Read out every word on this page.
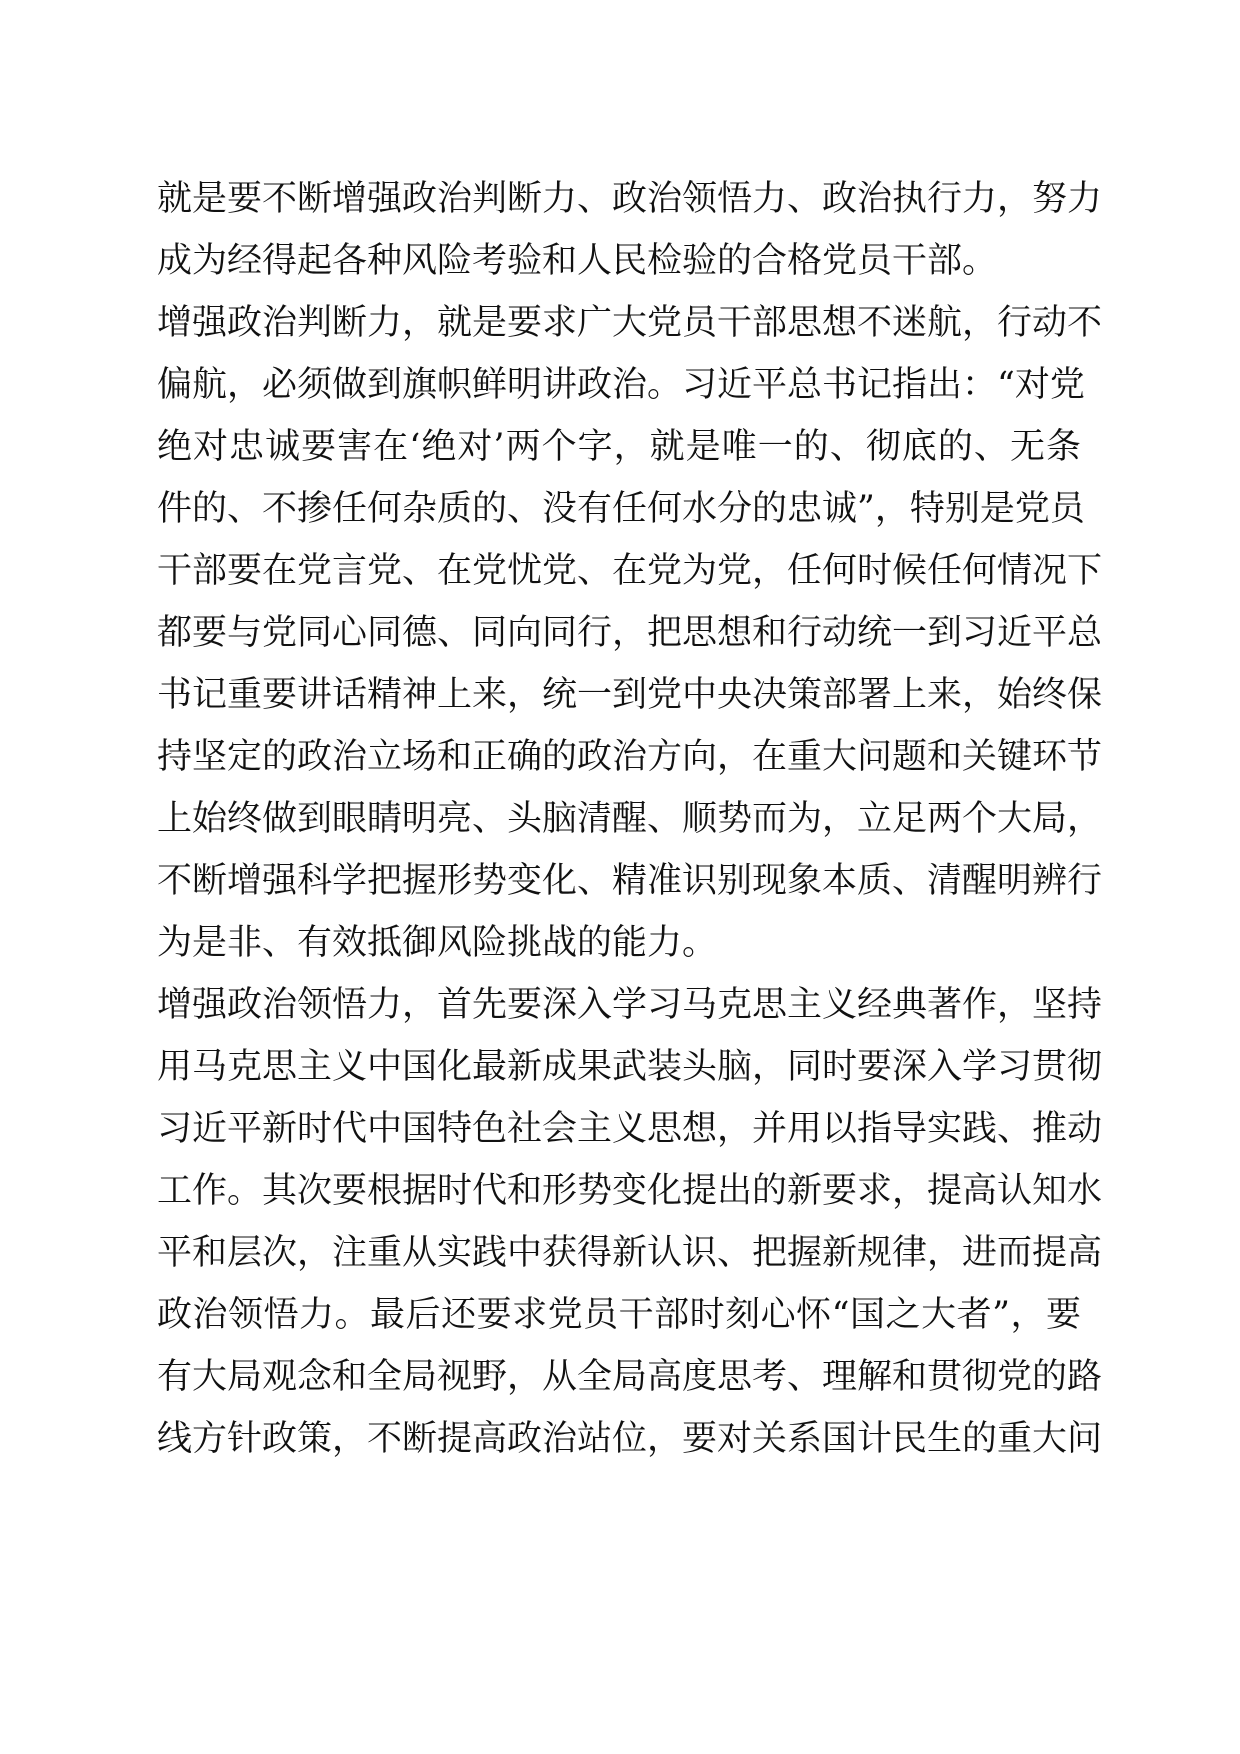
就是要不断增强政治判断力、政治领悟力、政治执行力，努力
成为经得起各种风险考验和人民检验的合格党员干部。
增强政治判断力，就是要求广大党员干部思想不迷航，行动不
偏航，必须做到旗帜鲜明讲政治。习近平总书记指出：“对党
绝对忠诚要害在‘绝对’两个字，就是唯一的、彻底的、无条
件的、不掺任何杂质的、没有任何水分的忠诚”，特别是党员
干部要在党言党、在党忧党、在党为党，任何时候任何情况下
都要与党同心同德、同向同行，把思想和行动统一到习近平总
书记重要讲话精神上来，统一到党中央决策部署上来，始终保
持坚定的政治立场和正确的政治方向，在重大问题和关键环节
上始终做到眼睛明亮、头脑清醒、顺势而为，立足两个大局，
不断增强科学把握形势变化、精准识别现象本质、清醒明辨行
为是非、有效抵御风险挑战的能力。
增强政治领悟力，首先要深入学习马克思主义经典著作，坚持
用马克思主义中国化最新成果武装头脑，同时要深入学习贯彻
习近平新时代中国特色社会主义思想，并用以指导实践、推动
工作。其次要根据时代和形势变化提出的新要求，提高认知水
平和层次，注重从实践中获得新认识、把握新规律，进而提高
政治领悟力。最后还要求党员干部时刻心怀“国之大者”，要
有大局观念和全局视野，从全局高度思考、理解和贯彻党的路
线方针政策，不断提高政治站位，要对关系国计民生的重大问
